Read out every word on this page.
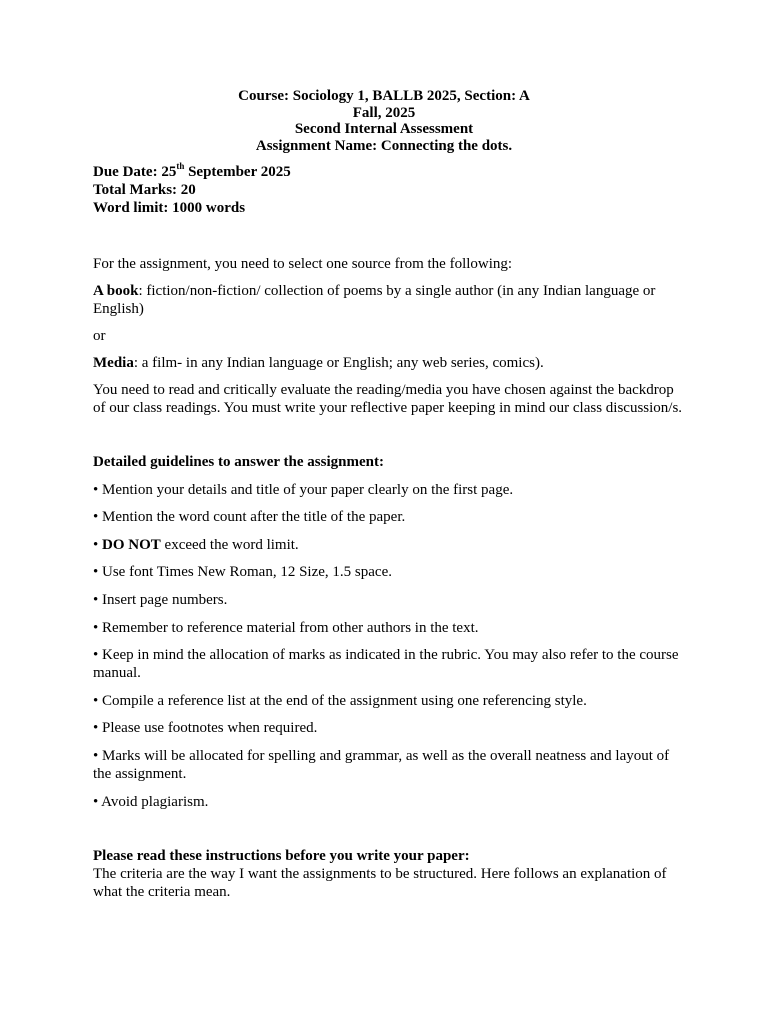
Course: Sociology 1, BALLB 2025, Section: A
Fall, 2025
Second Internal Assessment
Assignment Name: Connecting the dots.
Due Date: 25th September 2025
Total Marks: 20
Word limit: 1000 words

For the assignment, you need to select one source from the following:

A book: fiction/non-fiction/ collection of poems by a single author (in any Indian language or English)

or

Media: a film- in any Indian language or English; any web series, comics).

You need to read and critically evaluate the reading/media you have chosen against the backdrop of our class readings. You must write your reflective paper keeping in mind our class discussion/s.

Detailed guidelines to answer the assignment:

• Mention your details and title of your paper clearly on the first page.

• Mention the word count after the title of the paper.

• DO NOT exceed the word limit.

• Use font Times New Roman, 12 Size, 1.5 space.

• Insert page numbers.

• Remember to reference material from other authors in the text.

• Keep in mind the allocation of marks as indicated in the rubric. You may also refer to the course manual.

• Compile a reference list at the end of the assignment using one referencing style.

• Please use footnotes when required.

• Marks will be allocated for spelling and grammar, as well as the overall neatness and layout of the assignment.

• Avoid plagiarism.

Please read these instructions before you write your paper:

The criteria are the way I want the assignments to be structured. Here follows an explanation of what the criteria mean.
